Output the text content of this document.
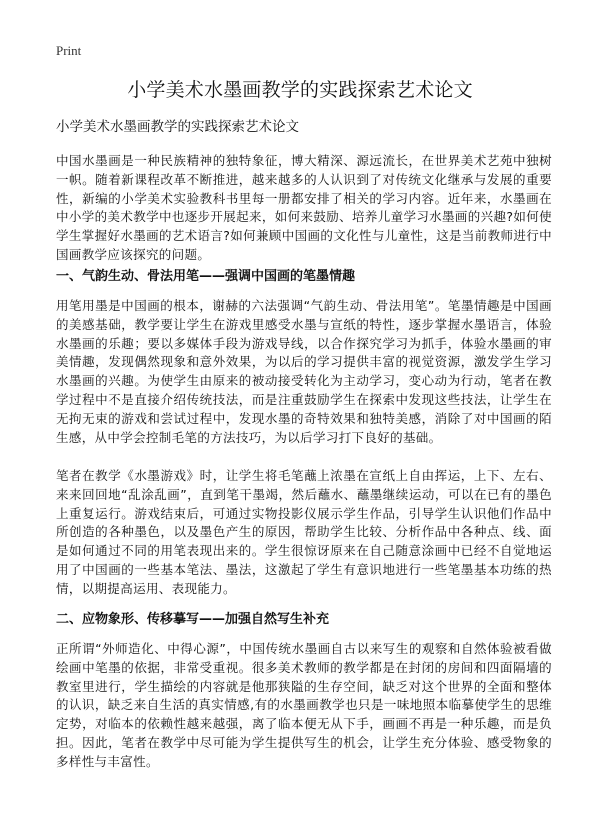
Print
小学美术水墨画教学的实践探索艺术论文
小学美术水墨画教学的实践探索艺术论文

中国水墨画是一种民族精神的独特象征，博大精深、源远流长，在世界美术艺苑中独树一帜。随着新课程改革不断推进，越来越多的人认识到了对传统文化继承与发展的重要性，新编的小学美术实验教科书里每一册都安排了相关的学习内容。近年来，水墨画在中小学的美术教学中也逐步开展起来，如何来鼓励、培养儿童学习水墨画的兴趣?如何使学生掌握好水墨画的艺术语言?如何兼顾中国画的文化性与儿童性，这是当前教师进行中国画教学应该探究的问题。

一、气韵生动、骨法用笔——强调中国画的笔墨情趣

用笔用墨是中国画的根本，谢赫的六法强调“气韵生动、骨法用笔”。笔墨情趣是中国画的美感基础，教学要让学生在游戏里感受水墨与宣纸的特性，逐步掌握水墨语言，体验水墨画的乐趣；要以多媒体手段为游戏导线，以合作探究学习为抓手，体验水墨画的审美情趣，发现偶然现象和意外效果，为以后的学习提供丰富的视觉资源，激发学生学习水墨画的兴趣。为使学生由原来的被动接受转化为主动学习，变心动为行动，笔者在教学过程中不是直接介绍传统技法，而是注重鼓励学生在探索中发现这些技法，让学生在无拘无束的游戏和尝试过程中，发现水墨的奇特效果和独特美感，消除了对中国画的陌生感，从中学会控制毛笔的方法技巧，为以后学习打下良好的基础。

笔者在教学《水墨游戏》时，让学生将毛笔蘸上浓墨在宣纸上自由挥运，上下、左右、来来回回地“乱涂乱画”，直到笔干墨竭，然后蘸水、蘸墨继续运动，可以在已有的墨色上重复运行。游戏结束后，可通过实物投影仪展示学生作品，引导学生认识他们作品中所创造的各种墨色，以及墨色产生的原因，帮助学生比较、分析作品中各种点、线、面是如何通过不同的用笔表现出来的。学生很惊讶原来在自己随意涂画中已经不自觉地运用了中国画的一些基本笔法、墨法，这激起了学生有意识地进行一些笔墨基本功练的热情，以期提高运用、表现能力。

二、应物象形、传移摹写——加强自然写生补充

正所谓“外师造化、中得心源”，中国传统水墨画自古以来写生的观察和自然体验被看做绘画中笔墨的依据，非常受重视。很多美术教师的教学都是在封闭的房间和四面隔墙的教室里进行，学生描绘的内容就是他那狭隘的生存空间，缺乏对这个世界的全面和整体的认识，缺乏来自生活的真实情感,有的水墨画教学也只是一味地照本临摹使学生的思维定势，对临本的依赖性越来越强，离了临本便无从下手，画画不再是一种乐趣，而是负担。因此，笔者在教学中尽可能为学生提供写生的机会，让学生充分体验、感受物象的多样性与丰富性。
